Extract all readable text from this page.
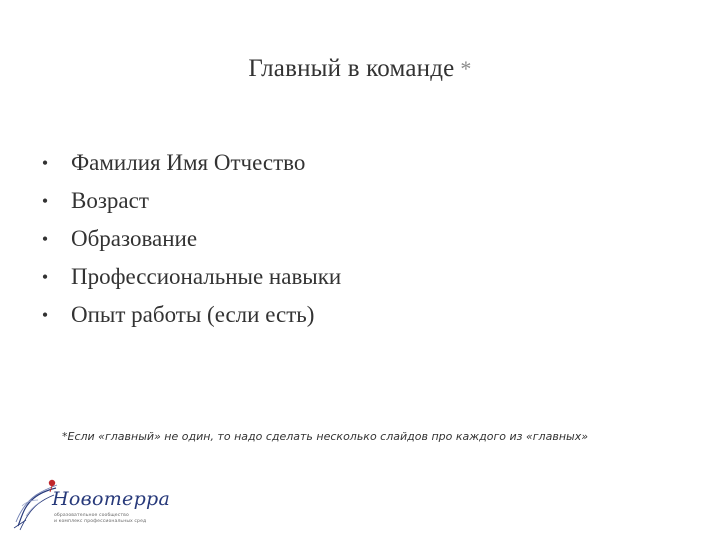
Главный в команде *
• Фамилия Имя Отчество
• Возраст
• Образование
• Профессиональные навыки
• Опыт работы (если есть)
*Если «главный» не один, то надо сделать несколько слайдов про каждого из «главных»
Новотерра
образовательное сообщество
и комплекс профессиональных сред
